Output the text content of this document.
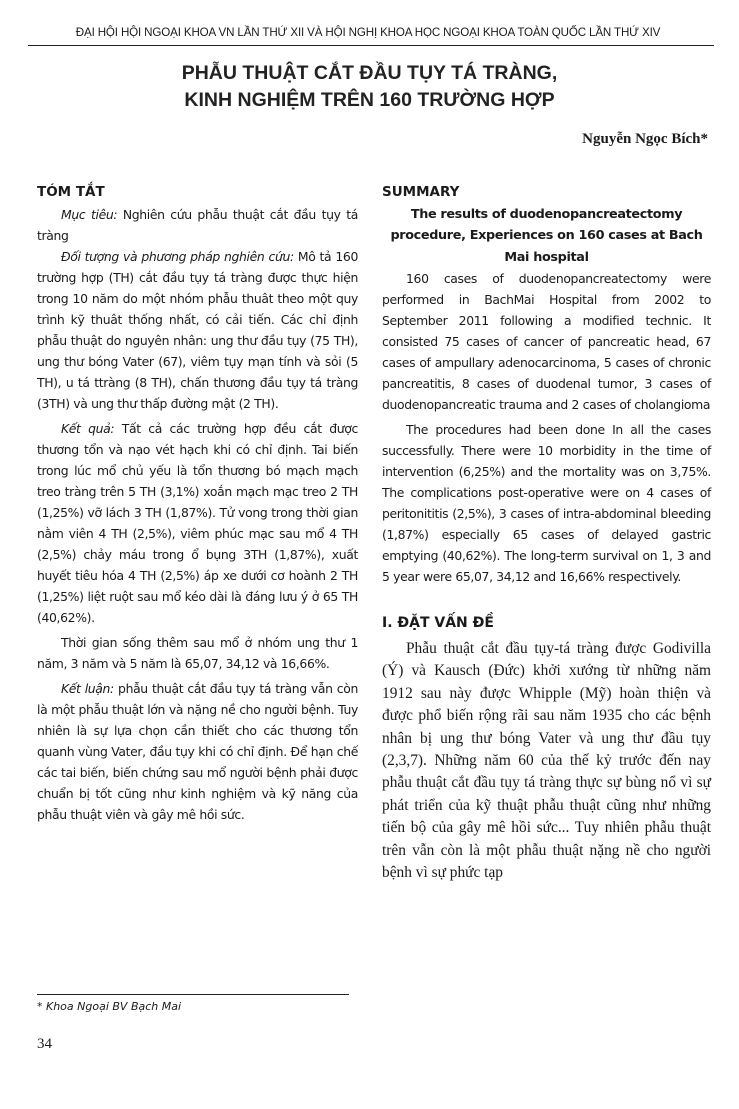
ĐẠI HỘI HỘI NGOẠI KHOA VN LẦN THỨ XII VÀ HỘI NGHỊ KHOA HỌC NGOẠI KHOA TOÀN QUỐC LẦN THỨ XIV
PHẪU THUẬT CẮT ĐẦU TỤY TÁ TRÀNG,
KINH NGHIỆM TRÊN 160 TRƯỜNG HỢP
Nguyễn Ngọc Bích*
TÓM TẮT

Mục tiêu: Nghiên cứu phẫu thuật cắt đầu tụy tá tràng

Đối tượng và phương pháp nghiên cứu: Mô tả 160 trường hợp (TH) cắt đầu tụy tá tràng được thực hiện trong 10 năm do một nhóm phẫu thuât theo một quy trình kỹ thuât thống nhất, có cải tiến. Các chỉ định phẫu thuật do nguyên nhân: ung thư đầu tụy (75 TH), ung thư bóng Vater (67), viêm tụy mạn tính và sỏi (5 TH), u tá ttràng (8 TH), chấn thương đầu tụy tá tràng (3TH) và ung thư thấp đường mật (2 TH).

Kết quả: Tất cả các trường hợp đều cắt được thương tổn và nạo vét hạch khi có chỉ định. Tai biến trong lúc mổ chủ yếu là tổn thương bó mạch mạch treo tràng trên 5 TH (3,1%) xoắn mạch mạc treo 2 TH (1,25%) vỡ lách 3 TH (1,87%). Tử vong trong thời gian nằm viên 4 TH (2,5%), viêm phúc mạc sau mổ 4 TH (2,5%) chảy máu trong ổ bụng 3TH (1,87%), xuất huyết tiêu hóa 4 TH (2,5%) áp xe dưới cơ hoành 2 TH (1,25%) liệt ruột sau mổ kéo dài là đáng lưu ý ở 65 TH (40,62%).

Thời gian sống thêm sau mổ ở nhóm ung thư 1 năm, 3 năm và 5 năm là 65,07, 34,12 và 16,66%.

Kết luận: phẫu thuật cắt đầu tụy tá tràng vẫn còn là một phẫu thuật lớn và nặng nề cho người bệnh. Tuy nhiên là sự lựa chọn cần thiết cho các thương tổn quanh vùng Vater, đầu tụy khi có chỉ định. Để hạn chế các tai biến, biến chứng sau mổ người bệnh phải được chuẩn bị tốt cũng như kinh nghiệm và kỹ năng của phẫu thuật viên và gây mê hồi sức.

SUMMARY
The results of duodenopancreatectomy procedure, Experiences on 160 cases at Bach Mai hospital

160 cases of duodenopancreatectomy were performed in BachMai Hospital from 2002 to September 2011 following a modified technic. It consisted 75 cases of cancer of pancreatic head, 67 cases of ampullary adenocarcinoma, 5 cases of chronic pancreatitis, 8 cases of duodenal tumor, 3 cases of duodenopancreatic trauma and 2 cases of cholangioma

The procedures had been done In all the cases successfully. There were 10 morbidity in the time of intervention (6,25%) and the mortality was on 3,75%. The complications post-operative were on 4 cases of peritonititis (2,5%), 3 cases of intra-abdominal bleeding (1,87%) especially 65 cases of delayed gastric emptying (40,62%). The long-term survival on 1, 3 and 5 year were 65,07, 34,12 and 16,66% respectively.

I. ĐẶT VẤN ĐỀ

Phẫu thuật cắt đầu tụy-tá tràng được Godivilla (Ý) và Kausch (Đức) khởi xướng từ những năm 1912 sau này được Whipple (Mỹ) hoàn thiện và được phổ biến rộng rãi sau năm 1935 cho các bệnh nhân bị ung thư bóng Vater và ung thư đầu tụy (2,3,7). Những năm 60 của thế kỷ trước đến nay phẫu thuật cắt đầu tụy tá tràng thực sự bùng nổ vì sự phát triển của kỹ thuật phẫu thuật cũng như những tiến bộ của gây mê hồi sức... Tuy nhiên phẫu thuật trên vẫn còn là một phẫu thuật nặng nề cho người bệnh vì sự phức tạp

* Khoa Ngoại BV Bạch Mai
34
